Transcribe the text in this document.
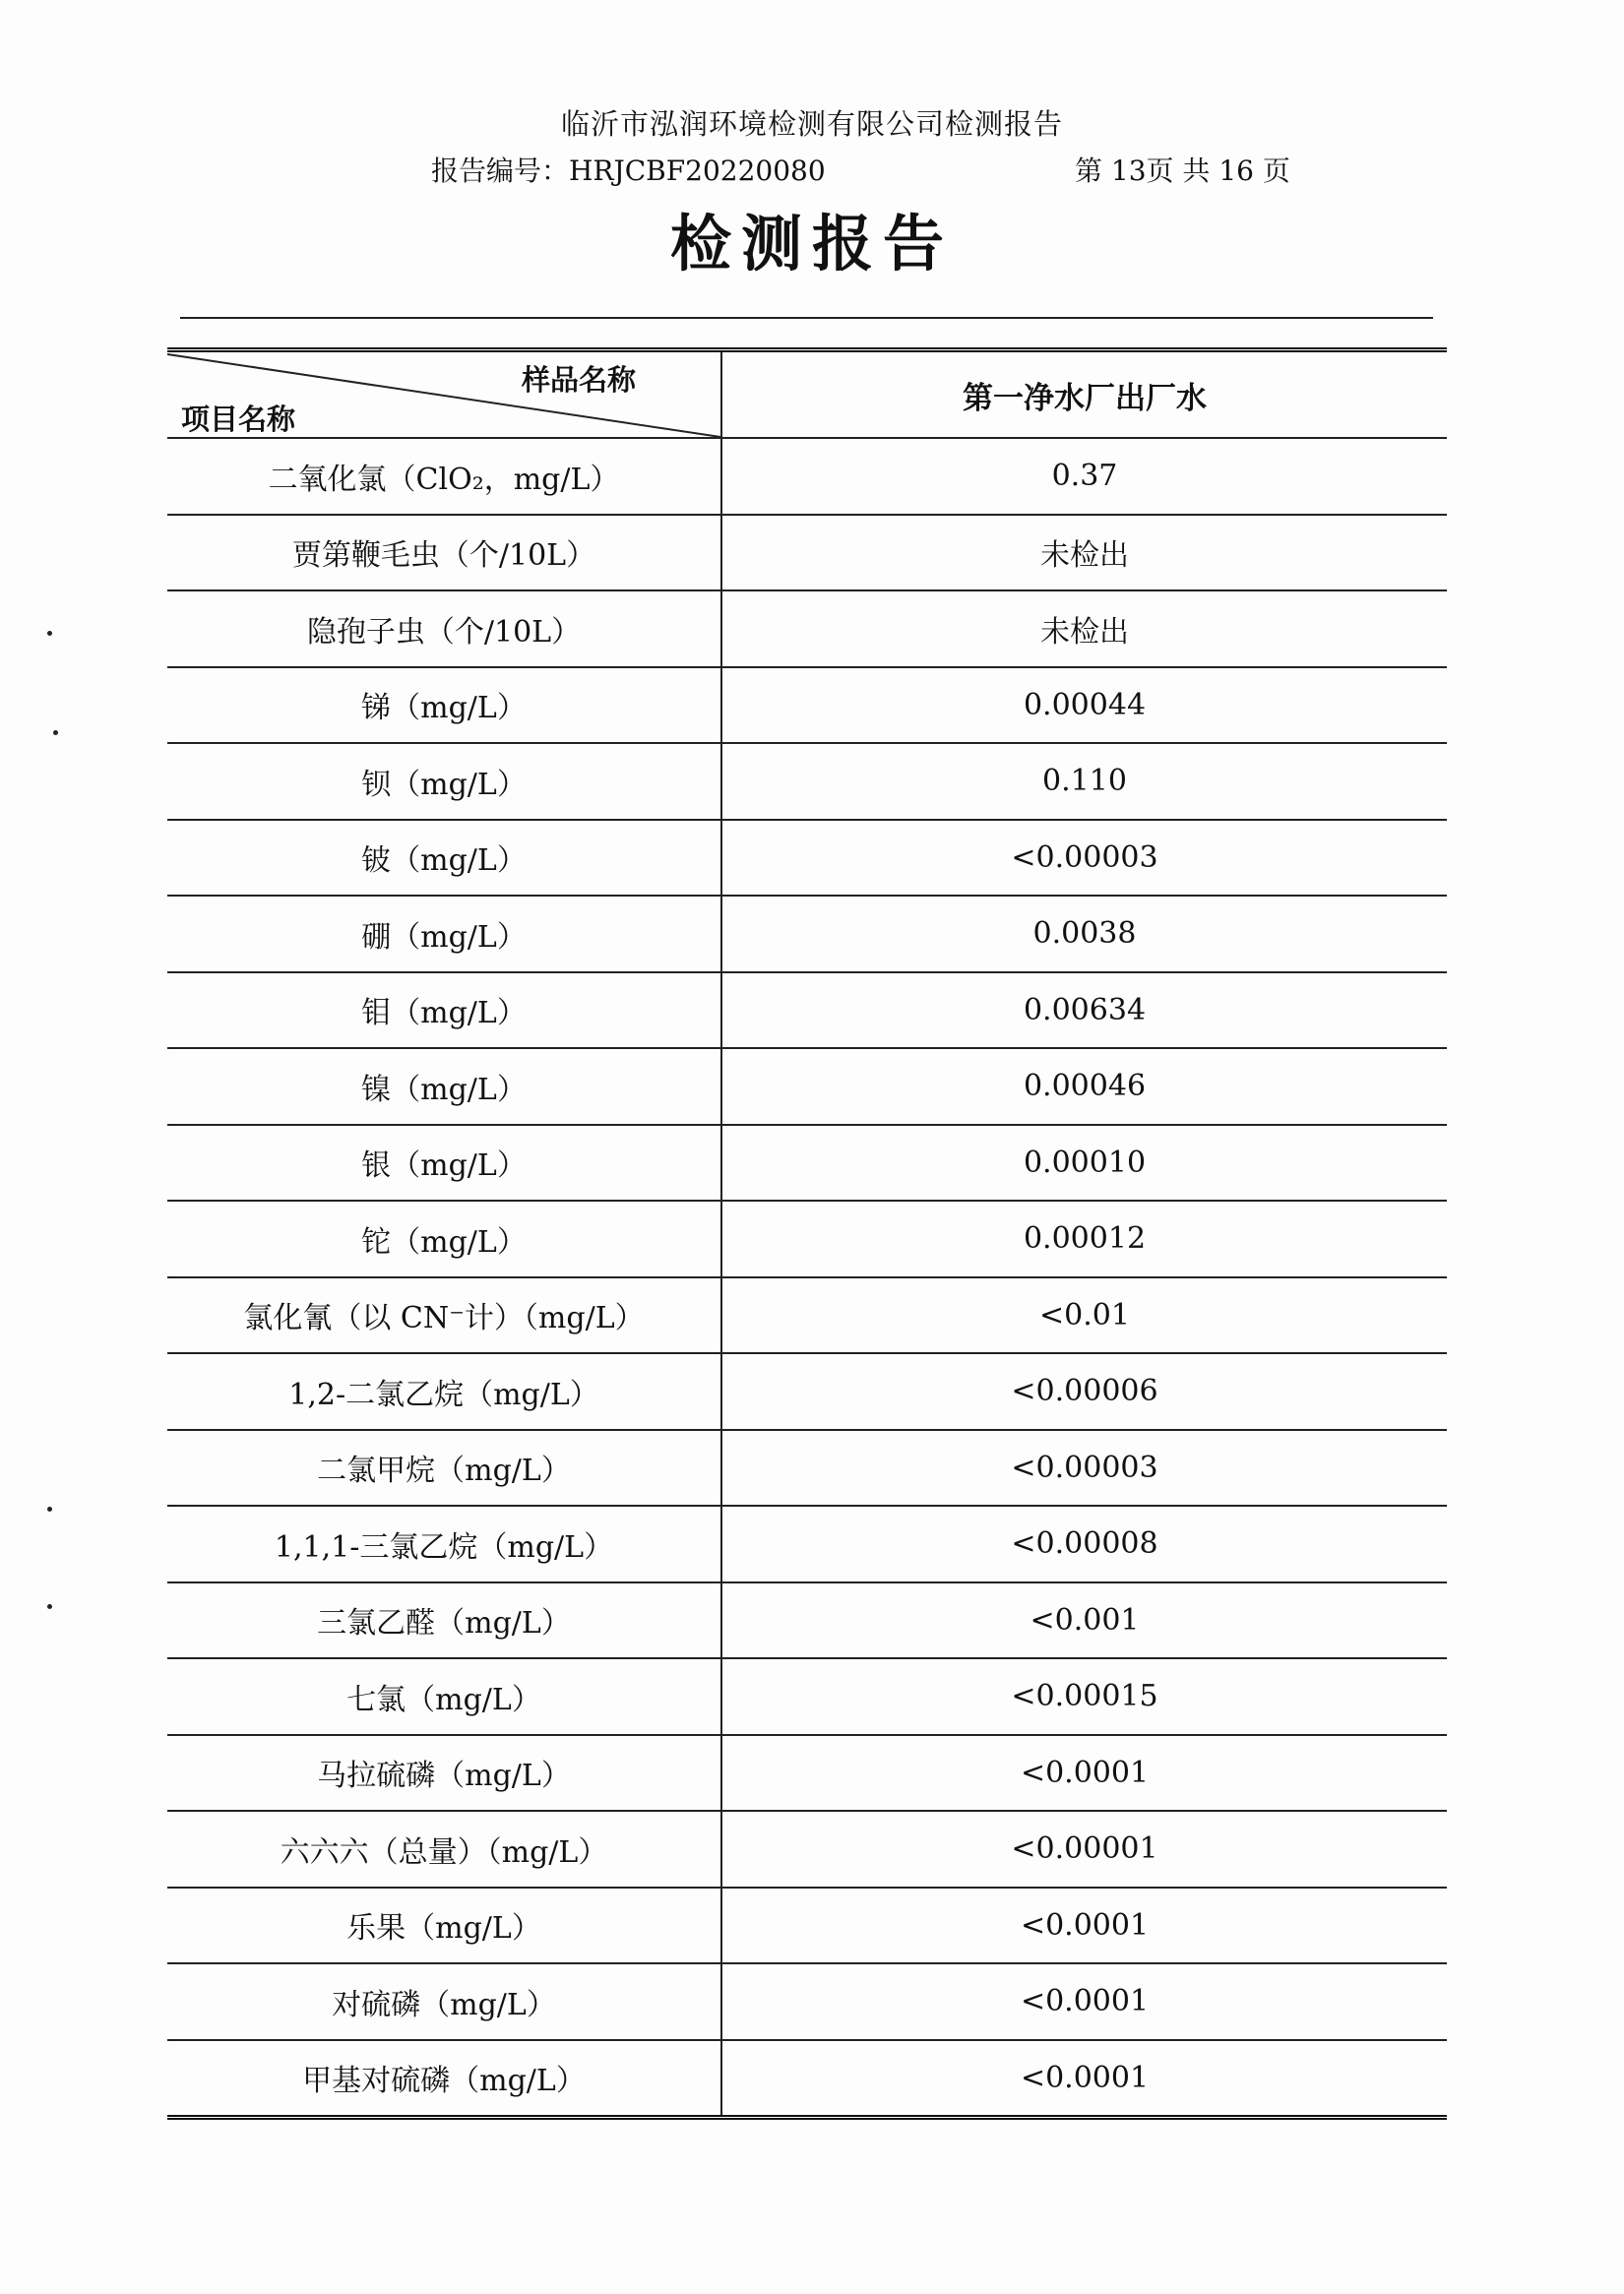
临沂市泓润环境检测有限公司检测报告
报告编号：HRJCBF20220080	第 13页 共 16 页
检测报告
样品名称
项目名称	第一净水厂出厂水
二氧化氯（ClO₂，mg/L）	0.37
贾第鞭毛虫（个/10L）	未检出
隐孢子虫（个/10L）	未检出
锑（mg/L）	0.00044
钡（mg/L）	0.110
铍（mg/L）	<0.00003
硼（mg/L）	0.0038
钼（mg/L）	0.00634
镍（mg/L）	0.00046
银（mg/L）	0.00010
铊（mg/L）	0.00012
氯化氰（以 CN⁻计）（mg/L）	<0.01
1,2-二氯乙烷（mg/L）	<0.00006
二氯甲烷（mg/L）	<0.00003
1,1,1-三氯乙烷（mg/L）	<0.00008
三氯乙醛（mg/L）	<0.001
七氯（mg/L）	<0.00015
马拉硫磷（mg/L）	<0.0001
六六六（总量）（mg/L）	<0.00001
乐果（mg/L）	<0.0001
对硫磷（mg/L）	<0.0001
甲基对硫磷（mg/L）	<0.0001
